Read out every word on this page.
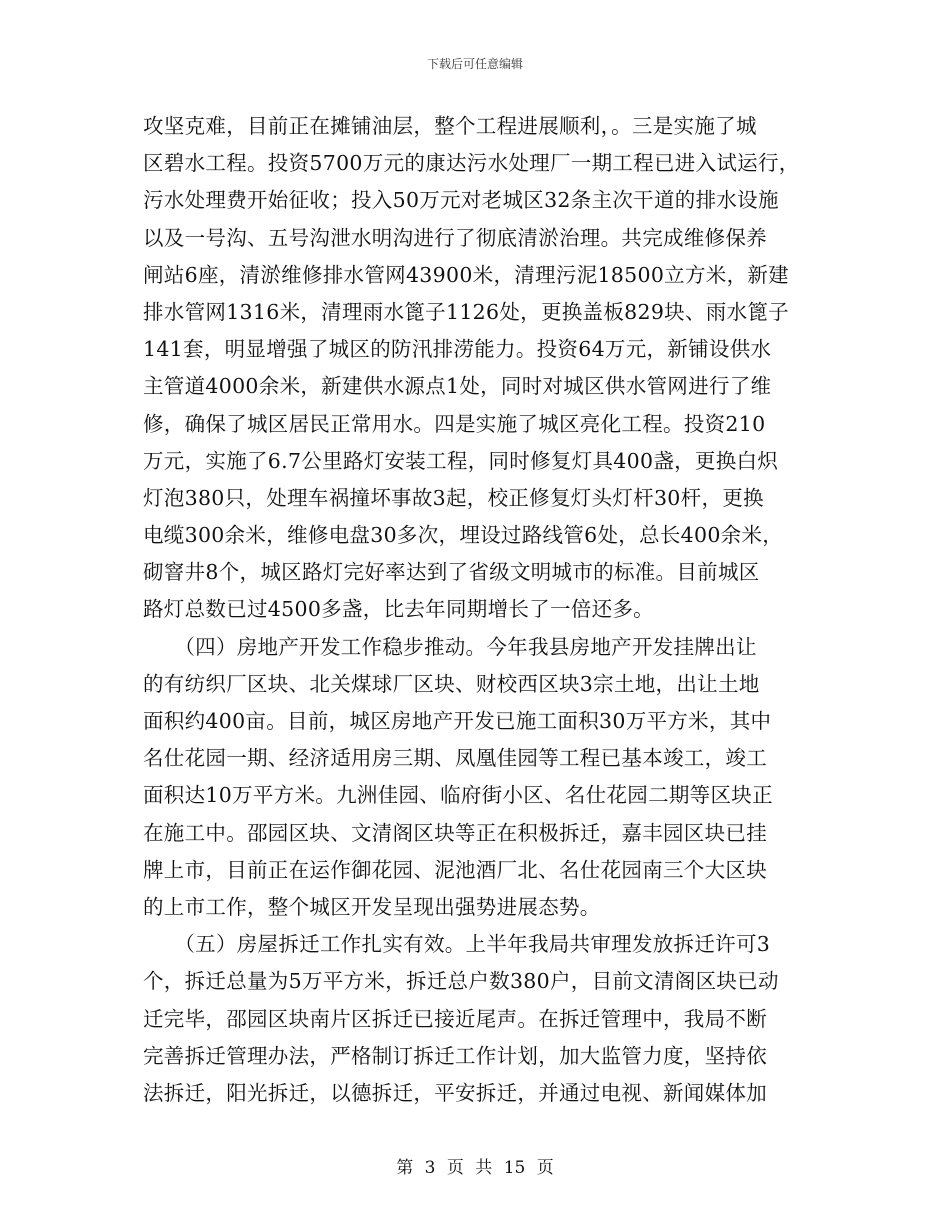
下载后可任意编辑
攻坚克难，目前正在摊铺油层，整个工程进展顺利，。三是实施了城
区碧水工程。投资5700万元的康达污水处理厂一期工程已进入试运行，
污水处理费开始征收；投入50万元对老城区32条主次干道的排水设施
以及一号沟、五号沟泄水明沟进行了彻底清淤治理。共完成维修保养
闸站6座，清淤维修排水管网43900米，清理污泥18500立方米，新建
排水管网1316米，清理雨水篦子1126处，更换盖板829块、雨水篦子
141套，明显增强了城区的防汛排涝能力。投资64万元，新铺设供水
主管道4000余米，新建供水源点1处，同时对城区供水管网进行了维
修，确保了城区居民正常用水。四是实施了城区亮化工程。投资210
万元，实施了6.7公里路灯安装工程，同时修复灯具400盏，更换白炽
灯泡380只，处理车祸撞坏事故3起，校正修复灯头灯杆30杆，更换
电缆300余米，维修电盘30多次，埋设过路线管6处，总长400余米，
砌窨井8个，城区路灯完好率达到了省级文明城市的标准。目前城区
路灯总数已过4500多盏，比去年同期增长了一倍还多。
　　（四）房地产开发工作稳步推动。今年我县房地产开发挂牌出让
的有纺织厂区块、北关煤球厂区块、财校西区块3宗土地，出让土地
面积约400亩。目前，城区房地产开发已施工面积30万平方米，其中
名仕花园一期、经济适用房三期、凤凰佳园等工程已基本竣工，竣工
面积达10万平方米。九洲佳园、临府街小区、名仕花园二期等区块正
在施工中。邵园区块、文清阁区块等正在积极拆迁，嘉丰园区块已挂
牌上市，目前正在运作御花园、泥池酒厂北、名仕花园南三个大区块
的上市工作，整个城区开发呈现出强势进展态势。
　　（五）房屋拆迁工作扎实有效。上半年我局共审理发放拆迁许可3
个，拆迁总量为5万平方米，拆迁总户数380户，目前文清阁区块已动
迁完毕，邵园区块南片区拆迁已接近尾声。在拆迁管理中，我局不断
完善拆迁管理办法，严格制订拆迁工作计划，加大监管力度，坚持依
法拆迁，阳光拆迁，以德拆迁，平安拆迁，并通过电视、新闻媒体加
第 3 页 共 15 页
